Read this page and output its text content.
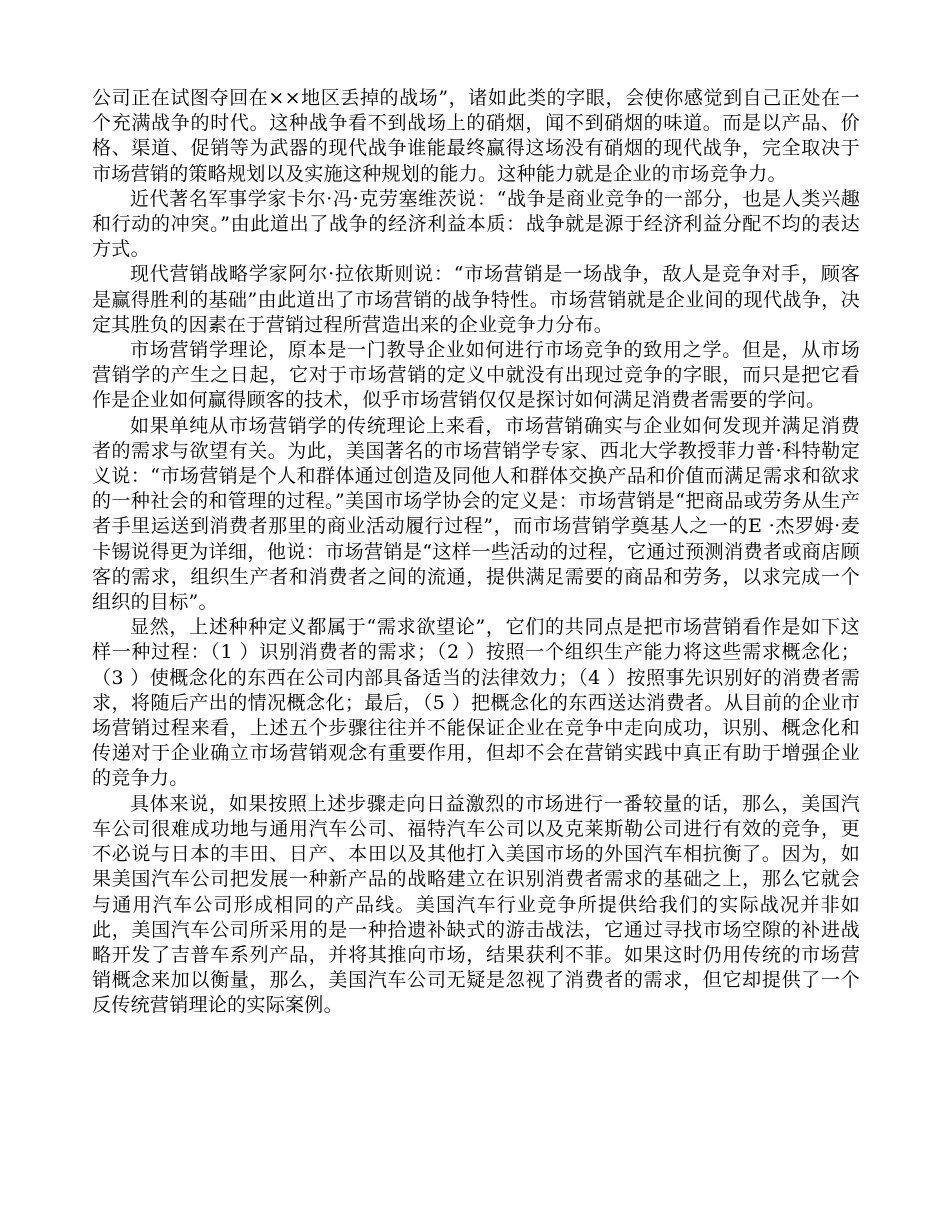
公司正在试图夺回在××地区丢掉的战场”，诸如此类的字眼，会使你感觉到自己正处在一个充满战争的时代。这种战争看不到战场上的硝烟，闻不到硝烟的味道。而是以产品、价格、渠道、促销等为武器的现代战争谁能最终赢得这场没有硝烟的现代战争，完全取决于市场营销的策略规划以及实施这种规划的能力。这种能力就是企业的市场竞争力。

近代著名军事学家卡尔·冯·克劳塞维茨说：“战争是商业竞争的一部分，也是人类兴趣和行动的冲突。”由此道出了战争的经济利益本质：战争就是源于经济利益分配不均的表达方式。

现代营销战略学家阿尔·拉依斯则说：“市场营销是一场战争，敌人是竞争对手，顾客是赢得胜利的基础”由此道出了市场营销的战争特性。市场营销就是企业间的现代战争，决定其胜负的因素在于营销过程所营造出来的企业竞争力分布。

市场营销学理论，原本是一门教导企业如何进行市场竞争的致用之学。但是，从市场营销学的产生之日起，它对于市场营销的定义中就没有出现过竞争的字眼，而只是把它看作是企业如何赢得顾客的技术，似乎市场营销仅仅是探讨如何满足消费者需要的学问。

如果单纯从市场营销学的传统理论上来看，市场营销确实与企业如何发现并满足消费者的需求与欲望有关。为此，美国著名的市场营销学专家、西北大学教授菲力普·科特勒定义说：“市场营销是个人和群体通过创造及同他人和群体交换产品和价值而满足需求和欲求的一种社会的和管理的过程。”美国市场学协会的定义是：市场营销是“把商品或劳务从生产者手里运送到消费者那里的商业活动履行过程”，而市场营销学奠基人之一的E ·杰罗姆·麦卡锡说得更为详细，他说：市场营销是“这样一些活动的过程，它通过预测消费者或商店顾客的需求，组织生产者和消费者之间的流通，提供满足需要的商品和劳务，以求完成一个组织的目标”。

显然，上述种种定义都属于“需求欲望论”，它们的共同点是把市场营销看作是如下这样一种过程：（1 ）识别消费者的需求；（2 ）按照一个组织生产能力将这些需求概念化；（3 ）使概念化的东西在公司内部具备适当的法律效力；（4 ）按照事先识别好的消费者需求，将随后产出的情况概念化；最后，（5 ）把概念化的东西送达消费者。从目前的企业市场营销过程来看，上述五个步骤往往并不能保证企业在竞争中走向成功，识别、概念化和传递对于企业确立市场营销观念有重要作用，但却不会在营销实践中真正有助于增强企业的竞争力。

具体来说，如果按照上述步骤走向日益激烈的市场进行一番较量的话，那么，美国汽车公司很难成功地与通用汽车公司、福特汽车公司以及克莱斯勒公司进行有效的竞争，更不必说与日本的丰田、日产、本田以及其他打入美国市场的外国汽车相抗衡了。因为，如果美国汽车公司把发展一种新产品的战略建立在识别消费者需求的基础之上，那么它就会与通用汽车公司形成相同的产品线。美国汽车行业竞争所提供给我们的实际战况并非如此，美国汽车公司所采用的是一种拾遗补缺式的游击战法，它通过寻找市场空隙的补进战略开发了吉普车系列产品，并将其推向市场，结果获利不菲。如果这时仍用传统的市场营销概念来加以衡量，那么，美国汽车公司无疑是忽视了消费者的需求，但它却提供了一个反传统营销理论的实际案例。
